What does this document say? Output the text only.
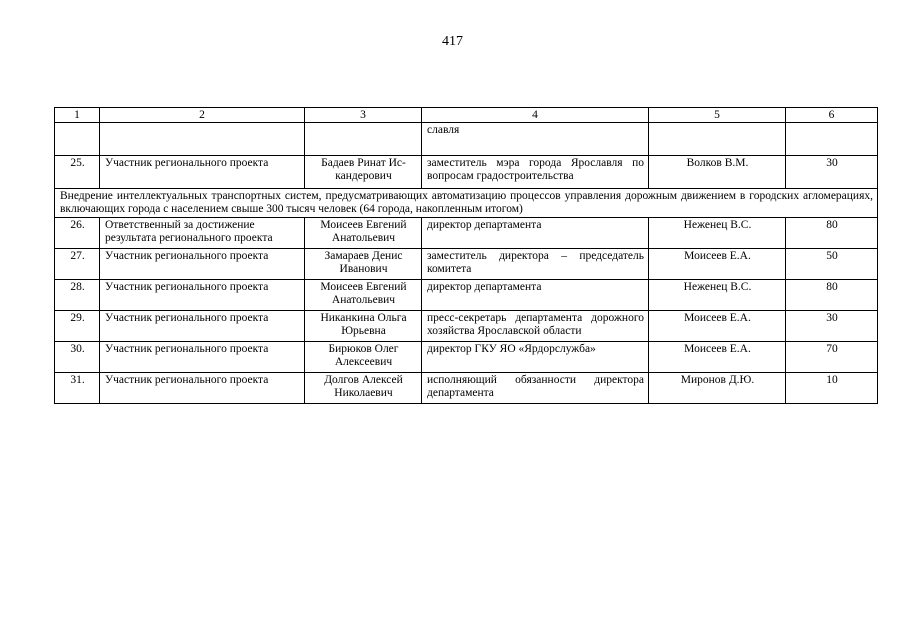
417
1	2	3	4	5	6
			славля		
25.	Участник регионального проекта	Бадаев Ринат Ис-кандерович	заместитель мэра города Ярославля по вопросам градостроительства	Волков В.М.	30
Внедрение интеллектуальных транспортных систем, предусматривающих автоматизацию процессов управления дорожным движением в городских агломерациях, включающих города с населением свыше 300 тысяч человек (64 города, накопленным итогом)					
26.	Ответственный за достижение результата регионального проекта	Моисеев Евгений Анатольевич	директор департамента	Неженец В.С.	80
27.	Участник регионального проекта	Замараев Денис Иванович	заместитель директора – председатель комитета	Моисеев Е.А.	50
28.	Участник регионального проекта	Моисеев Евгений Анатольевич	директор департамента	Неженец В.С.	80
29.	Участник регионального проекта	Никанкина Ольга Юрьевна	пресс-секретарь департамента дорожного хозяйства Ярославской области	Моисеев Е.А.	30
30.	Участник регионального проекта	Бирюков Олег Алексеевич	директор ГКУ ЯО «Ярдорслужба»	Моисеев Е.А.	70
31.	Участник регионального проекта	Долгов Алексей Николаевич	исполняющий обязанности директора департамента	Миронов Д.Ю.	10
